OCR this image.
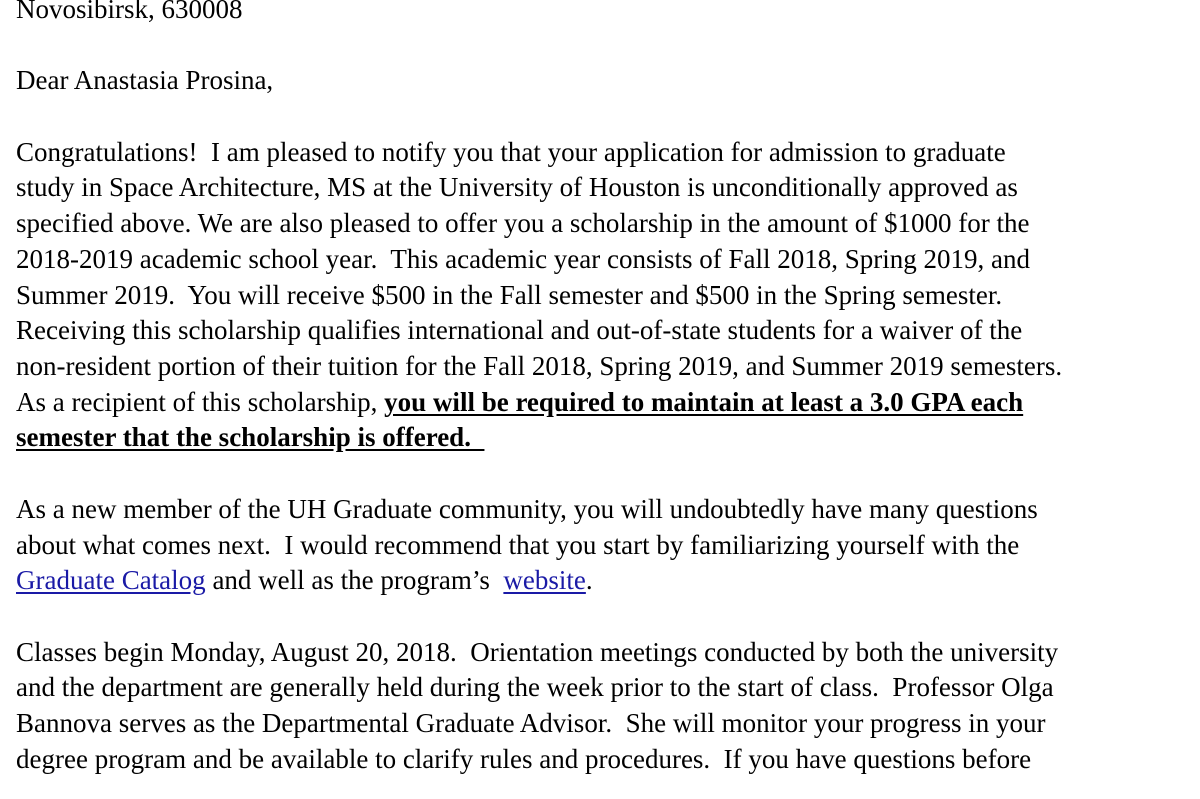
Novosibirsk, 630008
Dear Anastasia Prosina,
Congratulations!  I am pleased to notify you that your application for admission to graduate
study in Space Architecture, MS at the University of Houston is unconditionally approved as
specified above. We are also pleased to offer you a scholarship in the amount of $1000 for the
2018-2019 academic school year.  This academic year consists of Fall 2018, Spring 2019, and
Summer 2019.  You will receive $500 in the Fall semester and $500 in the Spring semester.
Receiving this scholarship qualifies international and out-of-state students for a waiver of the
non-resident portion of their tuition for the Fall 2018, Spring 2019, and Summer 2019 semesters.
As a recipient of this scholarship, you will be required to maintain at least a 3.0 GPA each
semester that the scholarship is offered.
As a new member of the UH Graduate community, you will undoubtedly have many questions
about what comes next.  I would recommend that you start by familiarizing yourself with the
Graduate Catalog and well as the program’s  website.
Classes begin Monday, August 20, 2018.  Orientation meetings conducted by both the university
and the department are generally held during the week prior to the start of class.  Professor Olga
Bannova serves as the Departmental Graduate Advisor.  She will monitor your progress in your
degree program and be available to clarify rules and procedures.  If you have questions before
